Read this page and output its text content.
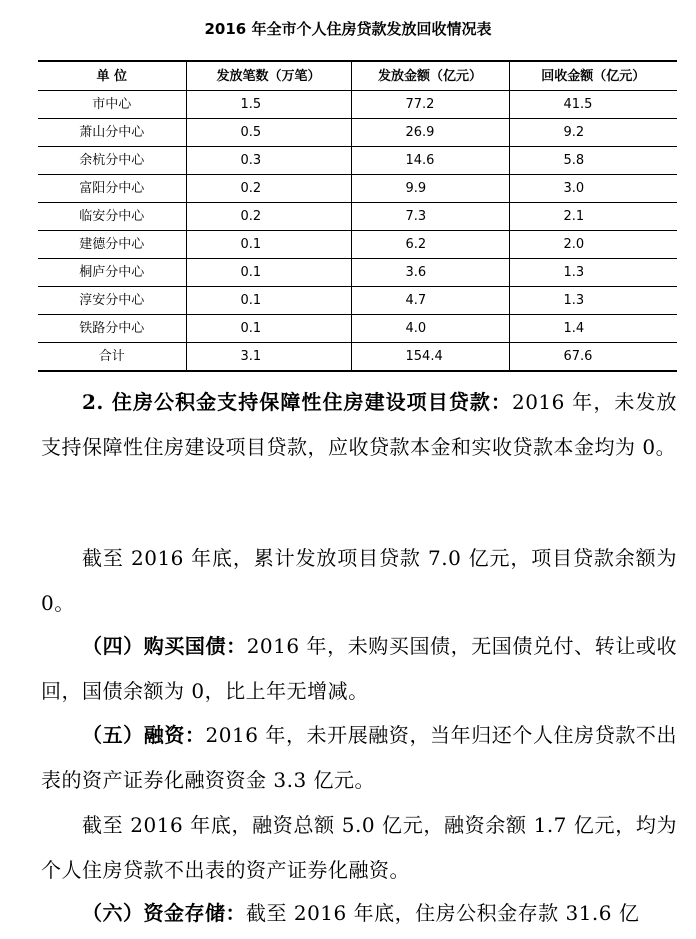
2016 年全市个人住房贷款发放回收情况表
单 位	发放笔数（万笔）	发放金额（亿元）	回收金额（亿元）
市中心	1.5	77.2	41.5
萧山分中心	0.5	26.9	9.2
余杭分中心	0.3	14.6	5.8
富阳分中心	0.2	9.9	3.0
临安分中心	0.2	7.3	2.1
建德分中心	0.1	6.2	2.0
桐庐分中心	0.1	3.6	1.3
淳安分中心	0.1	4.7	1.3
铁路分中心	0.1	4.0	1.4
合计	3.1	154.4	67.6

2. 住房公积金支持保障性住房建设项目贷款：2016 年，未发放支持保障性住房建设项目贷款，应收贷款本金和实收贷款本金均为 0。

截至 2016 年底，累计发放项目贷款 7.0 亿元，项目贷款余额为 0。

（四）购买国债：2016 年，未购买国债，无国债兑付、转让或收回，国债余额为 0，比上年无增减。

（五）融资：2016 年，未开展融资，当年归还个人住房贷款不出表的资产证券化融资资金 3.3 亿元。

截至 2016 年底，融资总额 5.0 亿元，融资余额 1.7 亿元，均为个人住房贷款不出表的资产证券化融资。

（六）资金存储：截至 2016 年底，住房公积金存款 31.6 亿
